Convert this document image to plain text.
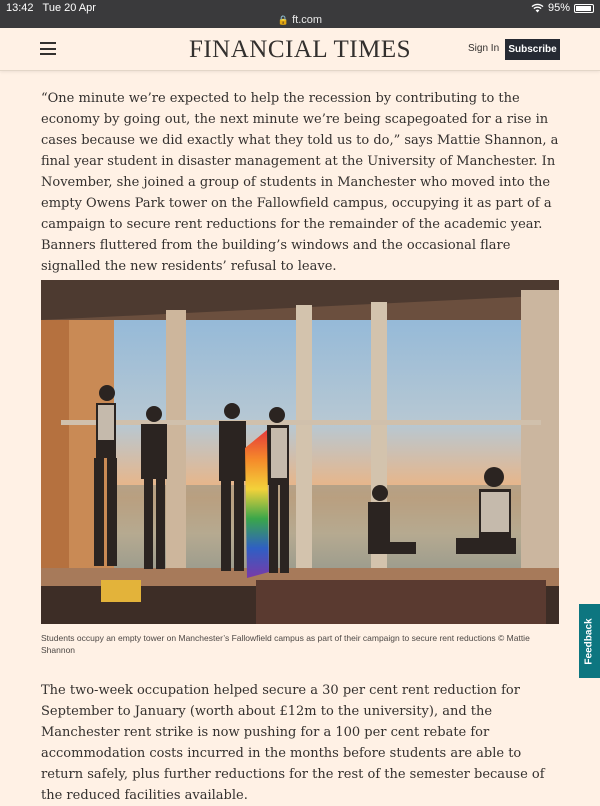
13:42 Tue 20 Apr
🔒 ft.com
95%
FINANCIAL TIMES	Sign In Subscribe

“One minute we’re expected to help the recession by contributing to the economy by going out, the next minute we’re being scapegoated for a rise in cases because we did exactly what they told us to do,” says Mattie Shannon, a final year student in disaster management at the University of Manchester. In November, she joined a group of students in Manchester who moved into the empty Owens Park tower on the Fallowfield campus, occupying it as part of a campaign to secure rent reductions for the remainder of the academic year. Banners fluttered from the building’s windows and the occasional flare signalled the new residents’ refusal to leave.

Students occupy an empty tower on Manchester’s Fallowfield campus as part of their campaign to secure rent reductions © Mattie Shannon

The two-week occupation helped secure a 30 per cent rent reduction for September to January (worth about £12m to the university), and the Manchester rent strike is now pushing for a 100 per cent rebate for accommodation costs incurred in the months before students are able to return safely, plus further reductions for the rest of the semester because of the reduced facilities available.

Feedback
